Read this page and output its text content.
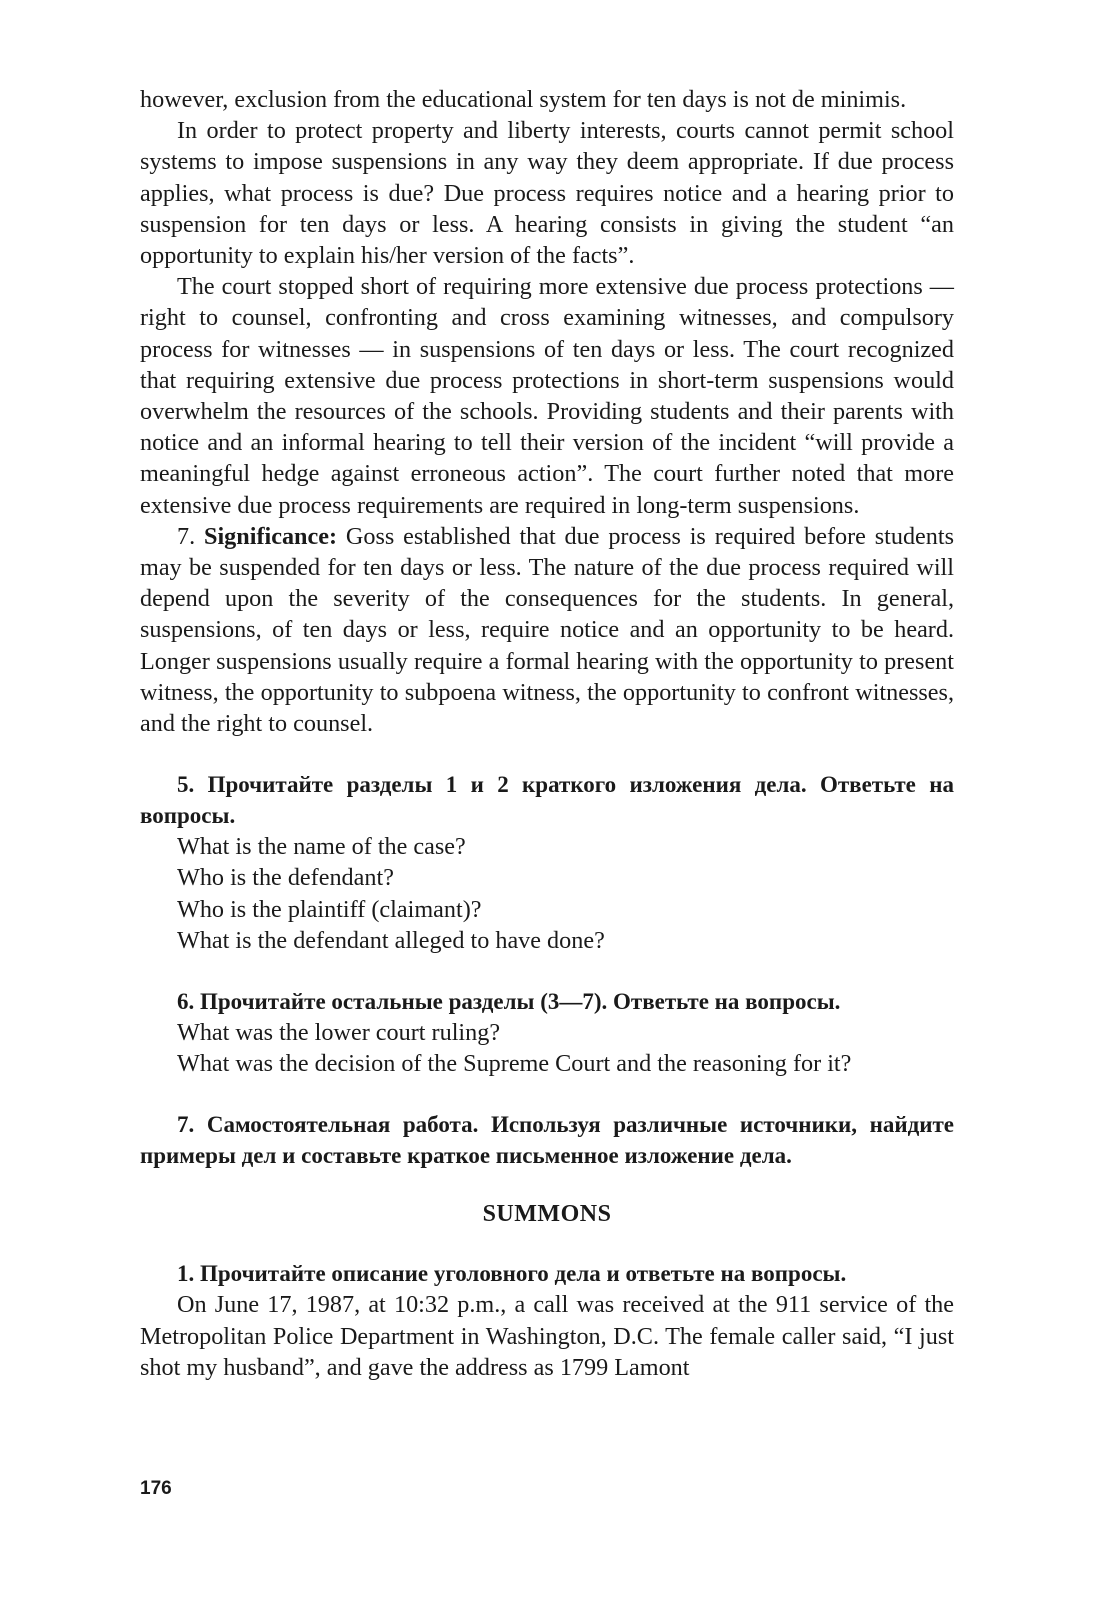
however, exclusion from the educational system for ten days is not de minimis.

In order to protect property and liberty interests, courts cannot permit school systems to impose suspensions in any way they deem appropriate. If due process applies, what process is due? Due process requires notice and a hearing prior to suspension for ten days or less. A hearing consists in giving the student “an opportunity to explain his/her version of the facts”.

The court stopped short of requiring more extensive due process protections — right to counsel, confronting and cross examining witnesses, and compulsory process for witnesses — in suspensions of ten days or less. The court recognized that requiring extensive due process protections in short-term suspensions would overwhelm the resources of the schools. Providing students and their parents with notice and an informal hearing to tell their version of the incident “will provide a meaningful hedge against erroneous action”. The court further noted that more extensive due process requirements are required in long-term suspensions.

7. Significance: Goss established that due process is required before students may be suspended for ten days or less. The nature of the due process required will depend upon the severity of the consequences for the students. In general, suspensions, of ten days or less, require notice and an opportunity to be heard. Longer suspensions usually require a formal hearing with the opportunity to present witness, the opportunity to subpoena witness, the opportunity to confront witnesses, and the right to counsel.

5. Прочитайте разделы 1 и 2 краткого изложения дела. Ответьте на вопросы.

What is the name of the case?

Who is the defendant?

Who is the plaintiff (claimant)?

What is the defendant alleged to have done?

6. Прочитайте остальные разделы (3—7). Ответьте на вопросы.

What was the lower court ruling?

What was the decision of the Supreme Court and the reasoning for it?

7. Самостоятельная работа. Используя различные источники, найдите примеры дел и составьте краткое письменное изложение дела.

SUMMONS

1. Прочитайте описание уголовного дела и ответьте на вопросы.

On June 17, 1987, at 10:32 p.m., a call was received at the 911 service of the Metropolitan Police Department in Washington, D.C. The female caller said, “I just shot my husband”, and gave the address as 1799 Lamont

176
